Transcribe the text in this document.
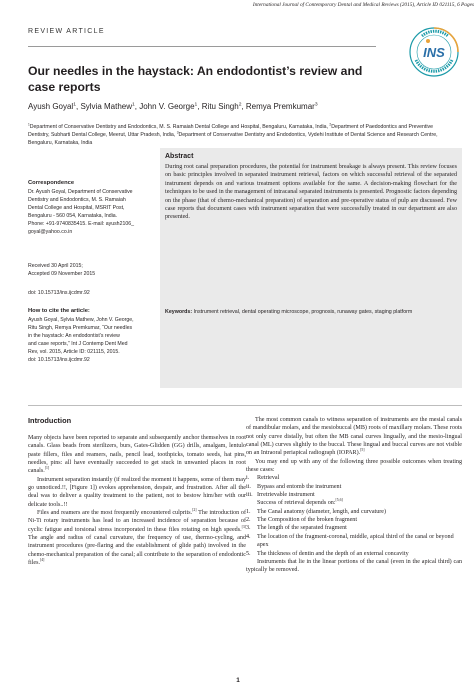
International Journal of Contemporary Dental and Medical Reviews (2015), Article ID 021115, 6 Pages
REVIEW ARTICLE
INS
Our needles in the haystack: An endodontist’s review and case reports
Ayush Goyal$^1$, Sylvia Mathew$^1$, John V. George$^1$, Ritu Singh$^2$, Remya Premkumar$^3$
$^1$Department of Conservative Dentistry and Endodontics, M. S. Ramaiah Dental College and Hospital, Bengaluru, Karnataka, India, $^2$Department of Paedodontics and Preventive Dentistry, Subharti Dental College, Meerut, Uttar Pradesh, India, $^3$Department of Conservative Dentistry and Endodontics, Vydehi Institute of Dental Science and Research Centre, Bengaluru, Karnataka, India
Correspondence
Dr. Ayush Goyal, Department of Conservative
Dentistry and Endodontics, M. S. Ramaiah
Dental College and Hospital, MSRIT Post,
Bengaluru - 560 054, Karnataka, India.
Phone: +91-9740835415. E-mail: ayush2106_
goyal@yahoo.co.in
Received 30 April 2015;
Accepted 09 November 2015
doi: 10.15713/ins.ijcdmr.92
How to cite the article:
Ayush Goyal, Sylvia Mathew, John V. George,
Ritu Singh, Remya Premkumar, “Our needles
in the haystack: An endodontist’s review
and case reports,” Int J Contemp Dent Med
Rev, vol. 2015, Article ID: 021115, 2015.
doi: 10.15713/ins.ijcdmr.92
Abstract
During root canal preparation procedures, the potential for instrument breakage is always present. This review focuses on basic principles involved in separated instrument retrieval, factors on which successful retrieval of the separated instrument depends on and various treatment options available for the same. A decision-making flowchart for the techniques to be used in the management of intracanal separated instruments is presented. Prognostic factors depending on the phase (that of chemo-mechanical preparation) of separation and pre-operative status of pulp are discussed. Few case reports that document cases with instrument separation that were successfully treated in our department are also presented.
Keywords: Instrument retrieval, dental operating microscope, prognosis, runaway gates, staging platform
Introduction

Many objects have been reported to separate and subsequently anchor themselves in root canals. Glass beads from sterilizers, burs, Gates-Glidden (GG) drills, amalgam, lentulo paste fillers, files and reamers, nails, pencil lead, toothpicks, tomato seeds, hat pins, needles, pins: all have eventually succeeded to get stuck in unwanted places in root canals.[1]

Instrument separation instantly (if realized the moment it happens, some of them may go unnoticed.!!, [Figure 1]) evokes apprehension, despair, and frustration. After all the deal was to deliver a quality treatment to the patient, not to bestow him/her with our delicate tools..!!

Files and reamers are the most frequently encountered culprits.[2] The introduction of Ni-Ti rotary instruments has lead to an increased incidence of separation because of cyclic fatigue and torsional stress incorporated in these files rotating on high speeds.[3] The angle and radius of canal curvature, the frequency of use, thermo-cycling, and instrument procedures (pre-flaring and the establishment of glide path) involved in the chemo-mechanical preparation of the canal; all contribute to the separation of endodontic files.[4]

The most common canals to witness separation of instruments are the mesial canals of mandibular molars, and the mesiobuccal (MB) roots of maxillary molars. These roots not only curve distally, but often the MB canal curves lingually, and the mesio-lingual canal (ML) curves slightly to the buccal. These lingual and buccal curves are not visible on an Intraoral periapical radiograph (IOPAR).[5]

You may end up with any of the following three possible outcomes when treating these cases:

i.	Retrieval
ii. Bypass and entomb the instrument
iii. Irretrievable instrument

Success of retrieval depends on:[5,6]

1.	The Canal anatomy (diameter, length, and curvature)
2.	The Composition of the broken fragment
3.	The length of the separated fragment
4.	The location of the fragment-coronal, middle, apical third of the canal or beyond apex
5.	The thickness of dentin and the depth of an external concavity

Instruments that lie in the linear portions of the canal (even in the apical third) can typically be removed.

1
